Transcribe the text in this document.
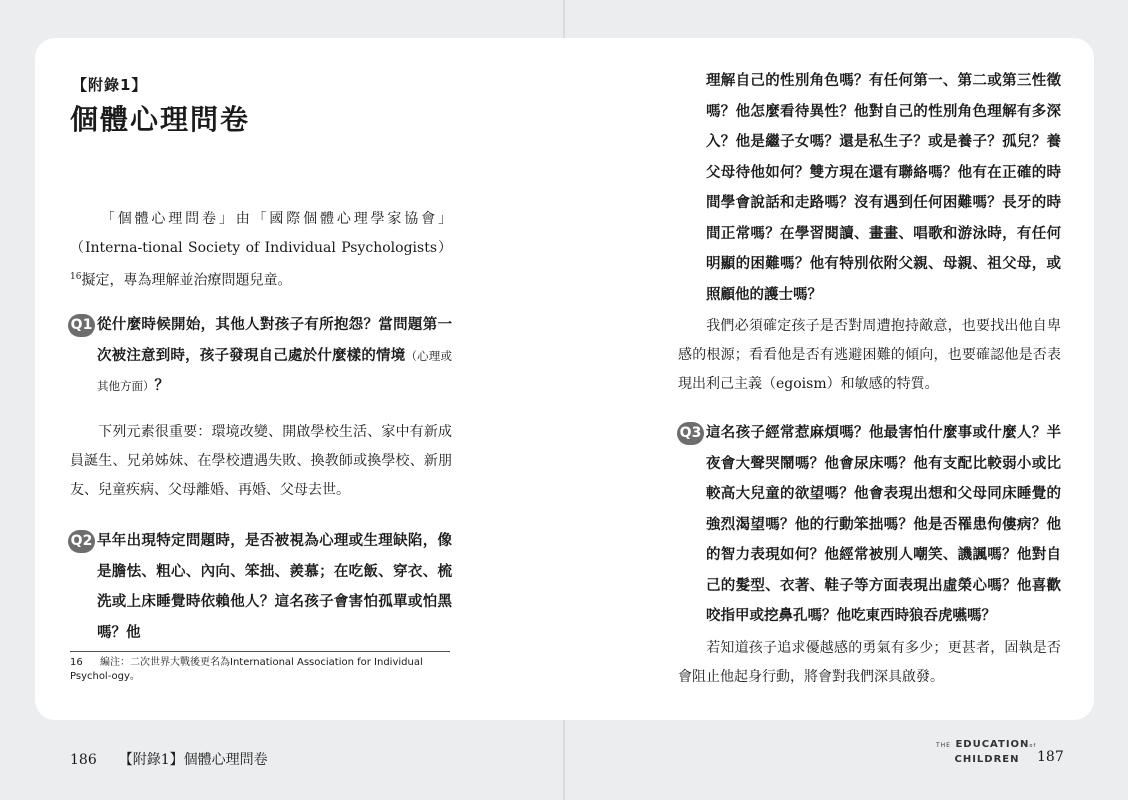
【附錄1】
個體心理問卷

「個體心理問卷」由「國際個體心理學家協會」（Interna-tional Society of Individual Psychologists）$^{16}$擬定，專為理解並治療問題兒童。

Q1 從什麼時候開始，其他人對孩子有所抱怨？當問題第一次被注意到時，孩子發現自己處於什麼樣的情境（心理或其他方面）？

下列元素很重要：環境改變、開啟學校生活、家中有新成員誕生、兄弟姊妹、在學校遭遇失敗、換教師或換學校、新朋友、兒童疾病、父母離婚、再婚、父母去世。

Q2 早年出現特定問題時，是否被視為心理或生理缺陷，像是膽怯、粗心、內向、笨拙、羨慕；在吃飯、穿衣、梳洗或上床睡覺時依賴他人？這名孩子會害怕孤單或怕黑嗎？他

16 編注：二次世界大戰後更名為International Association for Individual Psychol-ogy。

理解自己的性別角色嗎？有任何第一、第二或第三性徵嗎？他怎麼看待異性？他對自己的性別角色理解有多深入？他是繼子女嗎？還是私生子？或是養子？孤兒？養父母待他如何？雙方現在還有聯絡嗎？他有在正確的時間學會說話和走路嗎？沒有遇到任何困難嗎？長牙的時間正常嗎？在學習閱讀、畫畫、唱歌和游泳時，有任何明顯的困難嗎？他有特別依附父親、母親、祖父母，或照顧他的護士嗎？

我們必須確定孩子是否對周遭抱持敵意，也要找出他自卑感的根源；看看他是否有逃避困難的傾向，也要確認他是否表現出利己主義（egoism）和敏感的特質。

Q3 這名孩子經常惹麻煩嗎？他最害怕什麼事或什麼人？半夜會大聲哭鬧嗎？他會尿床嗎？他有支配比較弱小或比較高大兒童的欲望嗎？他會表現出想和父母同床睡覺的強烈渴望嗎？他的行動笨拙嗎？他是否罹患佝僂病？他的智力表現如何？他經常被別人嘲笑、譏諷嗎？他對自己的髮型、衣著、鞋子等方面表現出虛榮心嗎？他喜歡咬指甲或挖鼻孔嗎？他吃東西時狼吞虎嚥嗎？

若知道孩子追求優越感的勇氣有多少；更甚者，固執是否會阻止他起身行動，將會對我們深具啟發。

186 【附錄1】個體心理問卷
THE EDUCATIONof
CHILDREN	187
